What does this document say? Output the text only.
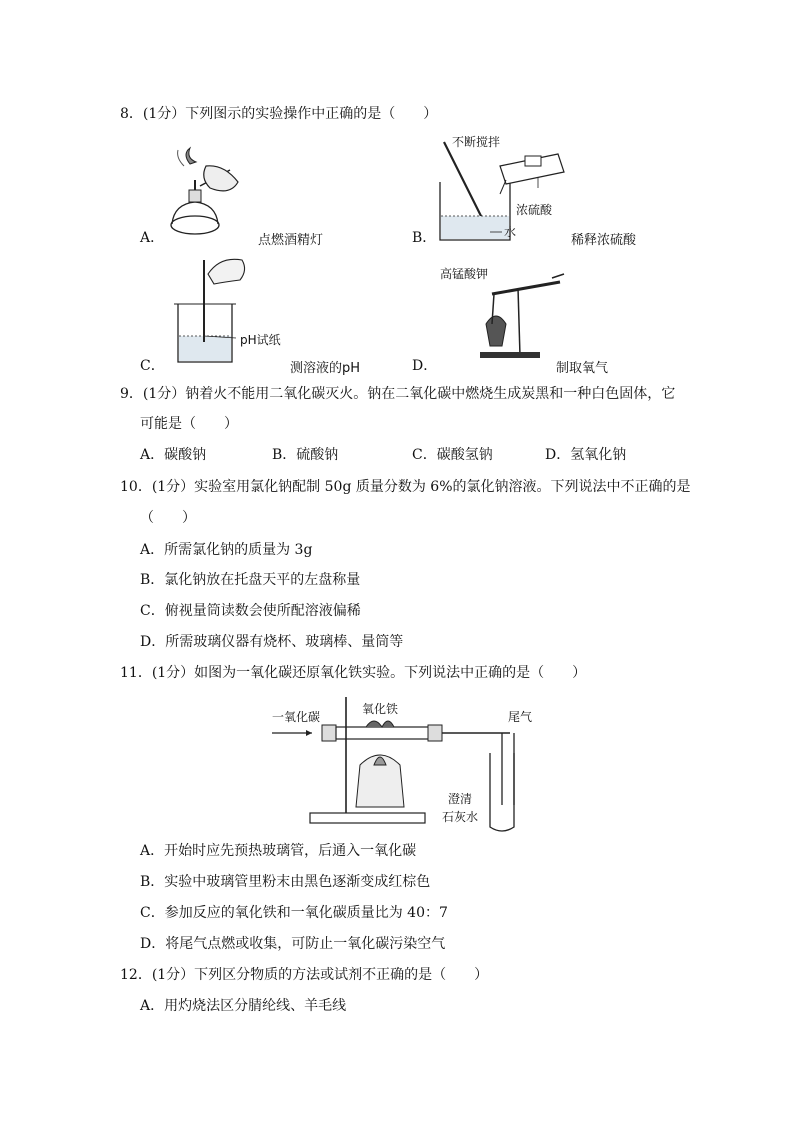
8．(1分）下列图示的实验操作中正确的是（　　）
A．	点燃酒精灯
不断搅拌
浓硫酸
水
B．	稀释浓硫酸
pH试纸
C．	测溶液的pH
高锰酸钾
D．	制取氧气
9．(1分）钠着火不能用二氧化碳灭火。钠在二氧化碳中燃烧生成炭黑和一种白色固体，它
可能是（　　）
A．碳酸钠	B．硫酸钠	C．碳酸氢钠	D．氢氧化钠
10．(1分）实验室用氯化钠配制 50g 质量分数为 6%的氯化钠溶液。下列说法中不正确的是
（　　）
A．所需氯化钠的质量为 3g
B．氯化钠放在托盘天平的左盘称量
C．俯视量筒读数会使所配溶液偏稀
D．所需玻璃仪器有烧杯、玻璃棒、量筒等
11．(1分）如图为一氧化碳还原氧化铁实验。下列说法中正确的是（　　）
一氧化碳
氧化铁
尾气
澄清
石灰水
A．开始时应先预热玻璃管，后通入一氧化碳
B．实验中玻璃管里粉末由黑色逐渐变成红棕色
C．参加反应的氧化铁和一氧化碳质量比为 40：7
D．将尾气点燃或收集，可防止一氧化碳污染空气
12．(1分）下列区分物质的方法或试剂不正确的是（　　）
A．用灼烧法区分腈纶线、羊毛线
